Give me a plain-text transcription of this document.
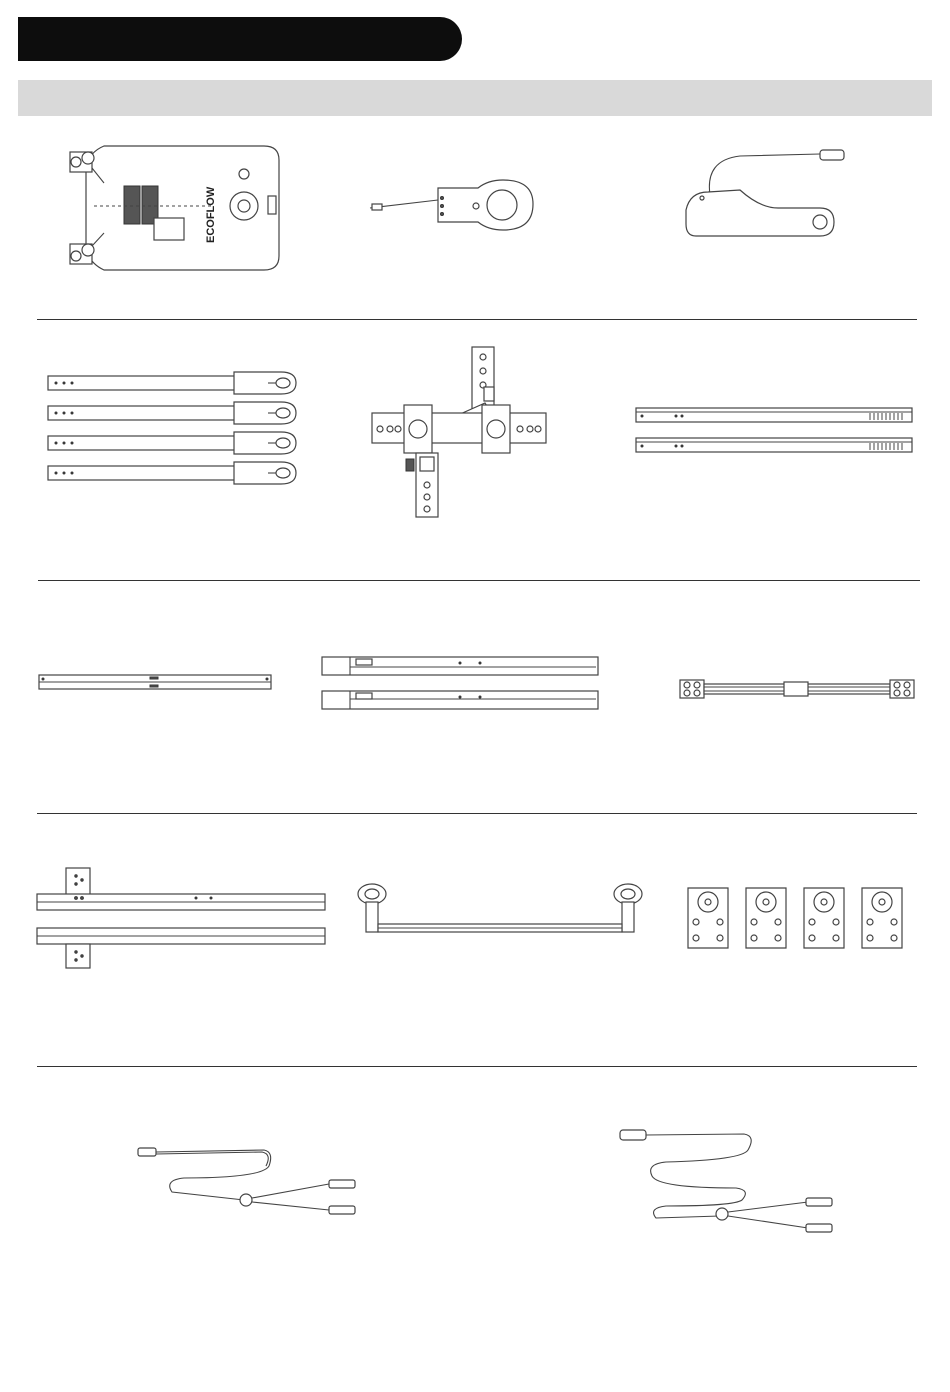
ECOFLOW
